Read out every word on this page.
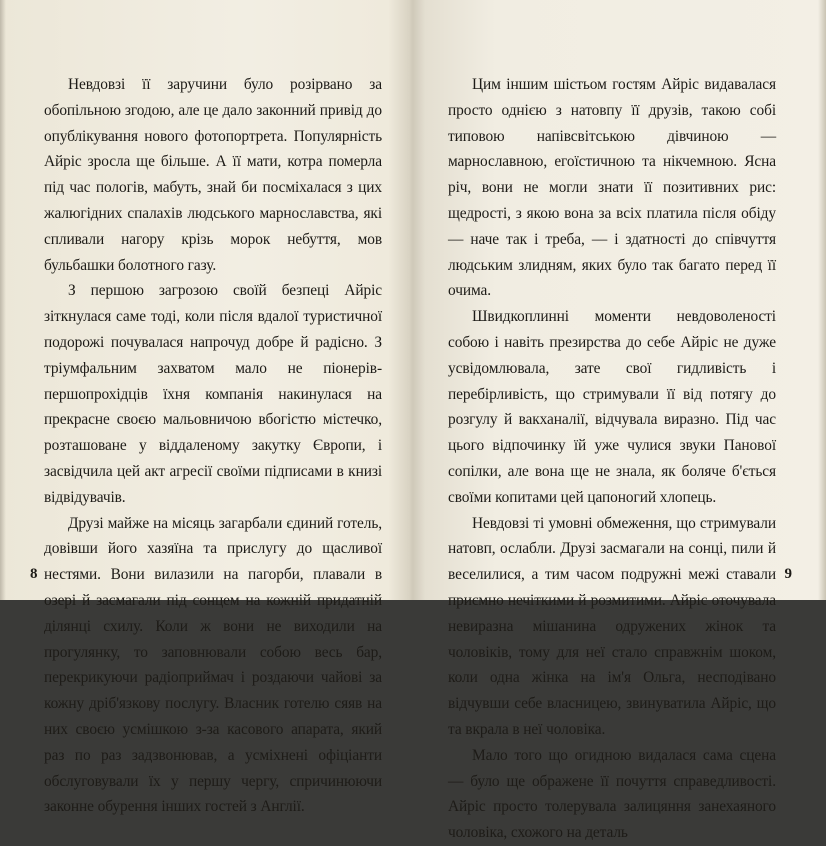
Невдовзі її заручини було розірвано за обопільною згодою, але це дало законний привід до опублікування нового фотопортрета. Популярність Айріс зросла ще більше. А її мати, котра померла під час пологів, мабуть, знай би посміхалася з цих жалюгідних спалахів людського марнославства, які спливали нагору крізь морок небуття, мов бульбашки болотного газу.

З першою загрозою своїй безпеці Айріс зіткнулася саме тоді, коли після вдалої туристичної подорожі почувалася напрочуд добре й радісно. З тріумфальним захватом мало не піонерів-першопрохідців їхня компанія накинулася на прекрасне своєю мальовничою вбогістю містечко, розташоване у віддаленому закутку Європи, і засвідчила цей акт агресії своїми підписами в книзі відвідувачів.

Друзі майже на місяць загарбали єдиний готель, довівши його хазяїна та прислугу до щасливої нестями. Вони вилазили на пагорби, плавали в озері й засмагали під сонцем на кожній придатній ділянці схилу. Коли ж вони не виходили на прогулянку, то заповнювали собою весь бар, перекрикуючи радіоприймач і роздаючи чайові за кожну дріб'язкову послугу. Власник готелю сяяв на них своєю усмішкою з-за касового апарата, який раз по раз задзвонював, а усміхнені офіціанти обслуговували їх у першу чергу, спричинюючи законне обурення інших гостей з Англії.

8

Цим іншим шістьом гостям Айріс видавалася просто однією з натовпу її друзів, такою собі типовою напівсвітською дівчиною — марнославною, егоїстичною та нікчемною. Ясна річ, вони не могли знати її позитивних рис: щедрості, з якою вона за всіх платила після обіду — наче так і треба, — і здатності до співчуття людським злидням, яких було так багато перед її очима.

Швидкоплинні моменти невдоволеності собою і навіть презирства до себе Айріс не дуже усвідомлювала, зате свої гидливість і перебірливість, що стримували її від потягу до розгулу й вакханалії, відчувала виразно. Під час цього відпочинку їй уже чулися звуки Панової сопілки, але вона ще не знала, як боляче б'ється своїми копитами цей цапоногий хлопець.

Невдовзі ті умовні обмеження, що стримували натовп, ослабли. Друзі засмагали на сонці, пили й веселилися, а тим часом подружні межі ставали приємно нечіткими й розмитими. Айріс оточувала невиразна мішанина одружених жінок та чоловіків, тому для неї стало справжнім шоком, коли одна жінка на ім'я Ольга, несподівано відчувши себе власницею, звинуватила Айріс, що та вкрала в неї чоловіка.

Мало того що огидною видалася сама сцена — було ще ображене її почуття справедливості. Айріс просто толерувала залицяння занехаяного чоловіка, схожого на деталь

9
